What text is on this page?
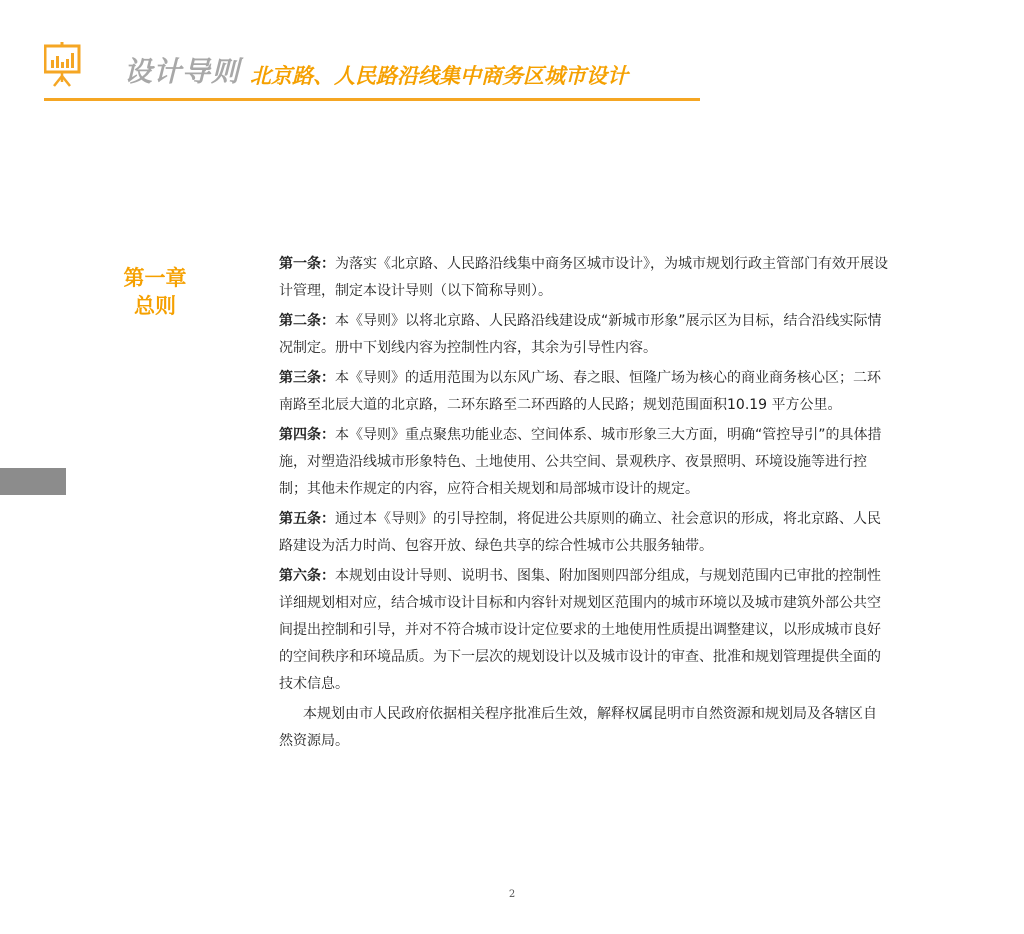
设计导则 北京路、人民路沿线集中商务区城市设计
第一章
总则
第一条：为落实《北京路、人民路沿线集中商务区城市设计》，为城市规划行政主管部门有效开展设计管理，制定本设计导则（以下简称导则）。
第二条：本《导则》以将北京路、人民路沿线建设成“新城市形象”展示区为目标，结合沿线实际情况制定。册中下划线内容为控制性内容，其余为引导性内容。
第三条：本《导则》的适用范围为以东风广场、春之眼、恒隆广场为核心的商业商务核心区；二环南路至北辰大道的北京路，二环东路至二环西路的人民路；规划范围面积10.19 平方公里。
第四条：本《导则》重点聚焦功能业态、空间体系、城市形象三大方面，明确“管控导引”的具体措施，对塑造沿线城市形象特色、土地使用、公共空间、景观秩序、夜景照明、环境设施等进行控制；其他未作规定的内容，应符合相关规划和局部城市设计的规定。
第五条：通过本《导则》的引导控制，将促进公共原则的确立、社会意识的形成，将北京路、人民路建设为活力时尚、包容开放、绿色共享的综合性城市公共服务轴带。
第六条：本规划由设计导则、说明书、图集、附加图则四部分组成，与规划范围内已审批的控制性详细规划相对应，结合城市设计目标和内容针对规划区范围内的城市环境以及城市建筑外部公共空间提出控制和引导，并对不符合城市设计定位要求的土地使用性质提出调整建议，以形成城市良好的空间秩序和环境品质。为下一层次的规划设计以及城市设计的审查、批准和规划管理提供全面的技术信息。
本规划由市人民政府依据相关程序批准后生效，解释权属昆明市自然资源和规划局及各辖区自然资源局。
2
